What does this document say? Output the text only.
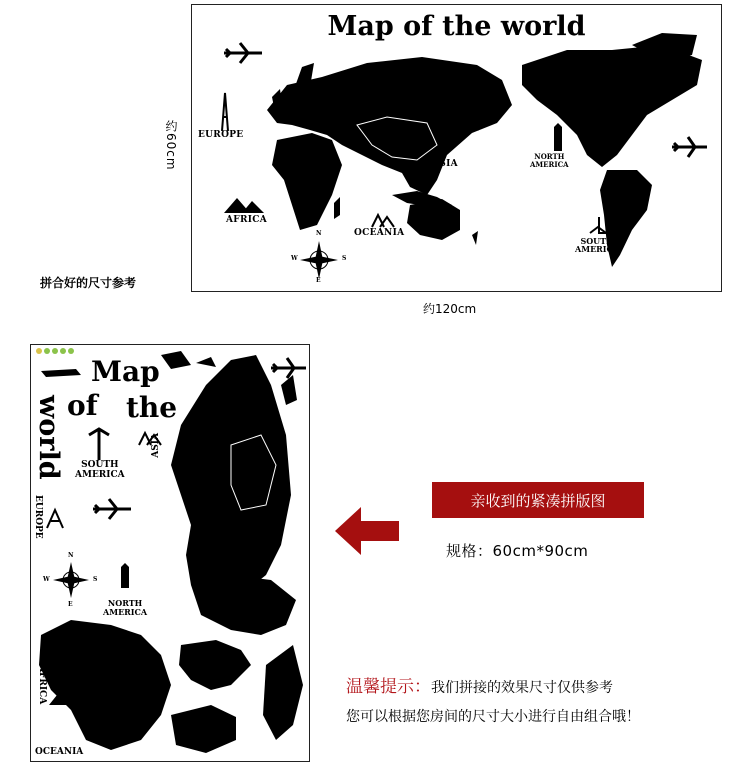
Map of the world
EUROPE
AFRICA
ASIA
OCEANIA
NORTH
AMERICA
SOUTH
AMERICA
N
E
W	S
约60cm
约120cm
拼合好的尺寸参考
Map
of the
world
EUROPE
SOUTH
AMERICA
NORTH
AMERICA
ASIA
AFRICA
OCEANIA
N
E
W	S
亲收到的紧凑拼版图
规格：60cm*90cm
温馨提示：我们拼接的效果尺寸仅供参考
您可以根据您房间的尺寸大小进行自由组合哦！
